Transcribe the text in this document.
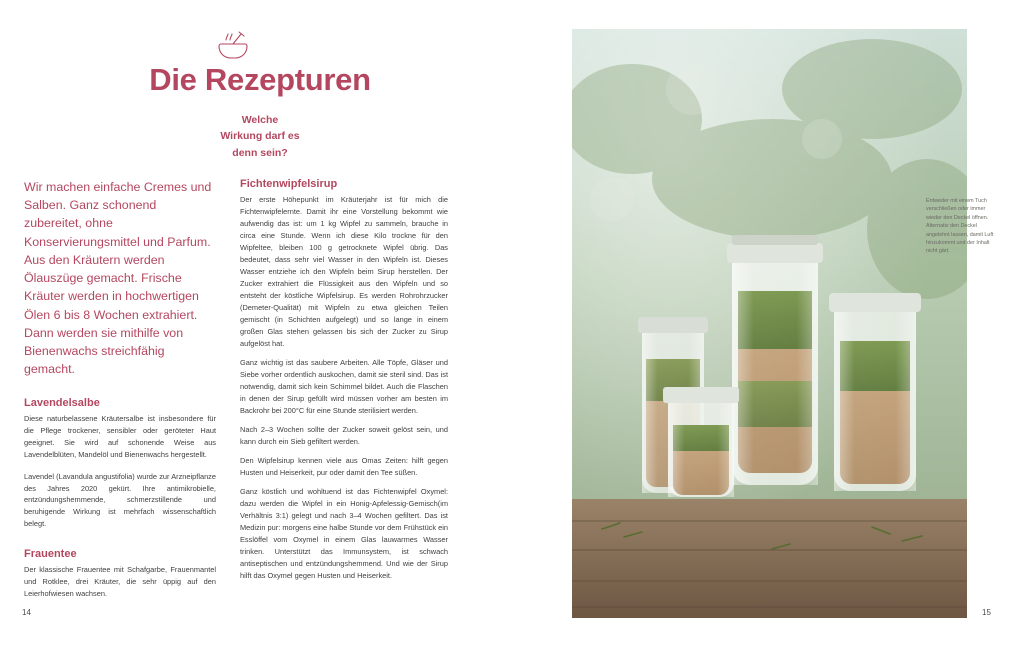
Die Rezepturen
Welche
Wirkung darf es
denn sein?

Wir machen einfache Cremes und Salben. Ganz schonend zubereitet, ohne Konservierungsmittel und Parfum. Aus den Kräutern werden Ölauszüge gemacht. Frische Kräuter werden in hochwertigen Ölen 6 bis 8 Wochen extrahiert. Dann werden sie mithilfe von Bienenwachs streichfähig gemacht.

Lavendelsalbe

Diese naturbelassene Kräutersalbe ist insbesondere für die Pflege trockener, sensibler oder geröteter Haut geeignet. Sie wird auf schonende Weise aus Lavendelblüten, Mandelöl und Bienenwachs hergestellt.

Lavendel (Lavandula angustifolia) wurde zur Arzneipflanze des Jahres 2020 gekürt. Ihre antimikrobielle, entzündungshemmende, schmerzstillende und beruhigende Wirkung ist mehrfach wissenschaftlich belegt.

Frauentee

Der klassische Frauentee mit Schafgarbe, Frauenmantel und Rotklee, drei Kräuter, die sehr üppig auf den Leierhofwiesen wachsen.

Fichtenwipfelsirup

Der erste Höhepunkt im Kräuterjahr ist für mich die Fichtenwipfelernte. Damit ihr eine Vorstellung bekommt wie aufwendig das ist: um 1 kg Wipfel zu sammeln, brauche in circa eine Stunde. Wenn ich diese Kilo trockne für den Wipfeltee, bleiben 100 g getrocknete Wipfel übrig. Das bedeutet, dass sehr viel Wasser in den Wipfeln ist. Dieses Wasser entziehe ich den Wipfeln beim Sirup herstellen. Der Zucker extrahiert die Flüssigkeit aus den Wipfeln und so entsteht der köstliche Wipfelsirup. Es werden Rohrohrzucker (Demeter-Qualität) mit Wipfeln zu etwa gleichen Teilen gemischt (in Schichten aufgelegt) und so lange in einem großen Glas stehen gelassen bis sich der Zucker zu Sirup aufgelöst hat.

Ganz wichtig ist das saubere Arbeiten. Alle Töpfe, Gläser und Siebe vorher ordentlich auskochen, damit sie steril sind. Das ist notwendig, damit sich kein Schimmel bildet. Auch die Flaschen in denen der Sirup gefüllt wird müssen vorher am besten im Backrohr bei 200°C für eine Stunde sterilisiert werden.

Nach 2–3 Wochen sollte der Zucker soweit gelöst sein, und kann durch ein Sieb gefiltert werden.

Den Wipfelsirup kennen viele aus Omas Zeiten: hilft gegen Husten und Heiserkeit, pur oder damit den Tee süßen.

Ganz köstlich und wohltuend ist das Fichtenwipfel Oxymel: dazu werden die Wipfel in ein Honig-Apfelessig-Gemisch(im Verhältnis 3:1) gelegt und nach 3–4 Wochen gefiltert. Das ist Medizin pur: morgens eine halbe Stunde vor dem Frühstück ein Esslöffel vom Oxymel in einem Glas lauwarmes Wasser trinken. Unterstützt das Immunsystem, ist schwach antiseptischen und entzündungshemmend. Und wie der Sirup hilft das Oxymel gegen Husten und Heiserkeit.

14
Entweder mit einem Tuch verschließen oder immer wieder den Deckel öffnen. Alternativ den Deckel angelehnt lassen, damit Luft hinzukommt und der Inhalt nicht gärt.
15
